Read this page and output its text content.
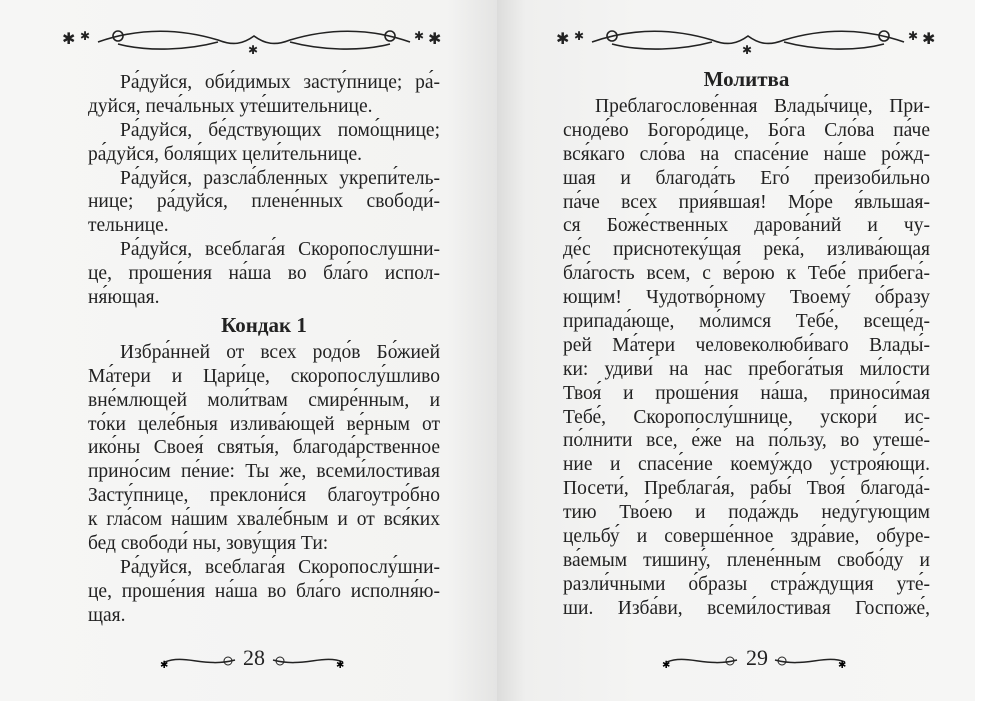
✱ ✱	✱
✱
✱
Ра́дуйся, оби́димых засту́пнице; ра́-
дуйся, печа́льных уте́шительнице.
Ра́дуйся, бе́дствующих помо́щнице;
ра́дуйся, боля́щих цели́тельнице.
Ра́дуйся, разсла́бленных укрепи́тель-
нице; ра́дуйся, плене́нных свободи́-
тельнице.
Ра́дуйся, всеблага́я Скоропослушни-
це, проше́ния на́ша во бла́го испол-
ня́ющая.
Кондак 1
Избра́нней от всех родо́в Бо́жией
Ма́тери и Цари́це, скоропослу́шливо
вне́млющей моли́твам смире́нным, и
то́ки целе́бныя излива́ющей ве́рным от
ико́ны Своея́ святы́я, благода́рственное
прино́сим пе́ние: Ты же, всеми́лостивая
Засту́пнице, преклони́ся благоутро́бно
к гла́сом на́шим хвале́бным и от вся́ких
бед свободи́ ны, зову́щия Ти:
Ра́дуйся, всеблага́я Скоропослу́шни-
це, проше́ния на́ша во бла́го исполня́ю-
щая.
✱	28	✱
✱ ✱	✱
✱
✱
Молитва
Преблагослове́нная Влады́чице, При-
сноде́во Богоро́дице, Бо́га Сло́ва па́че
вся́каго сло́ва на спасе́ние на́ше ро́жд-
шая и благода́ть Его́ преизоби́льно
па́че всех прия́вшая! Мо́ре я́вльшая-
ся Боже́ственных дарова́ний и чу-
де́с приснотеку́щая река́, излива́ющая
бла́гость всем, с ве́рою к Тебе́ прибега́-
ющим! Чудотво́рному Твоему́ о́бразу
припада́юще, мо́лимся Тебе́, всеще́д-
рей Ма́тери человеколюби́ваго Влады́-
ки: удиви́ на нас пребога́тыя ми́лости
Твоя́ и проше́ния на́ша, приноси́мая
Тебе́, Скоропослу́шнице, ускори́ ис-
по́лнити все, е́же на по́льзу, во утеше́-
ние и спасе́ние коему́ждо устроя́ющи.
Посети́, Преблага́я, рабы́ Твоя́ благода́-
тию Тво́ею и пода́ждь неду́гующим
цельбу́ и соверше́нное здра́вие, обуре-
ва́емым тишину́, плене́нным свобо́ду и
разли́чными о́бразы стра́ждущия уте́-
ши. Изба́ви, всеми́лостивая Госпоже́,
✱	29	✱
